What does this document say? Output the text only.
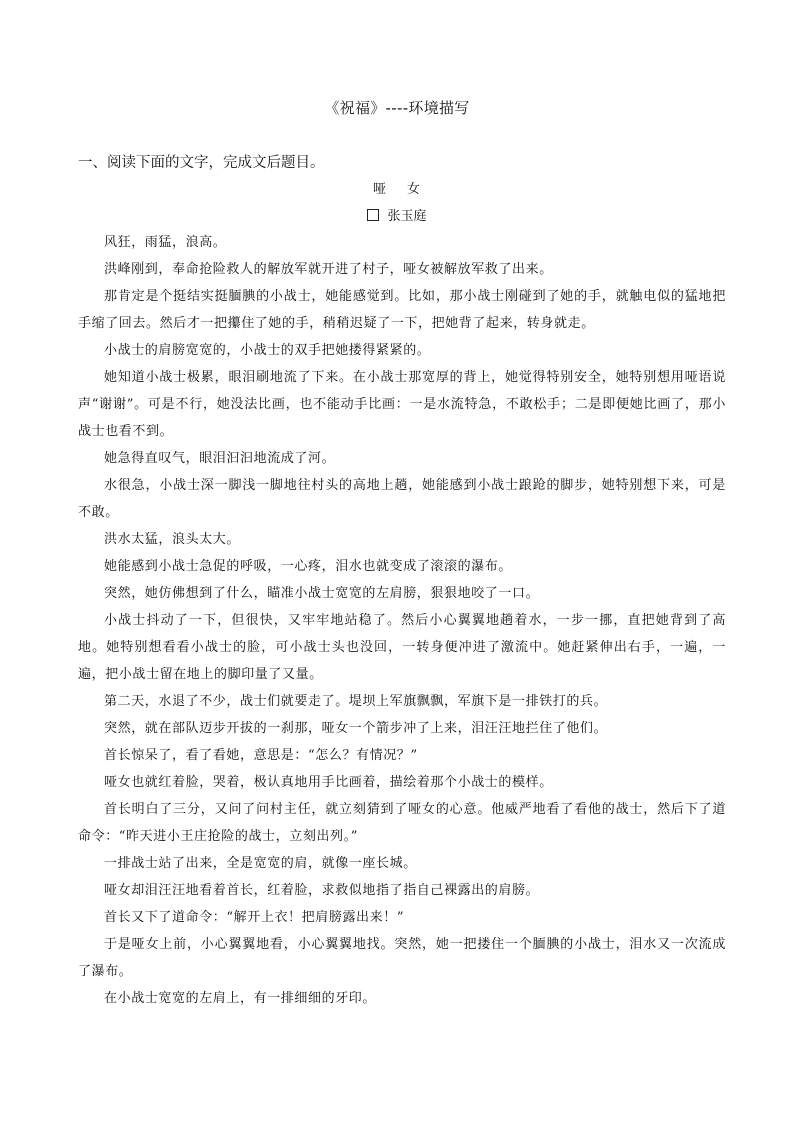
《祝福》----环境描写
一、阅读下面的文字，完成文后题目。
哑 女
张玉庭

风狂，雨猛，浪高。

洪峰刚到，奉命抢险救人的解放军就开进了村子，哑女被解放军救了出来。

那肯定是个挺结实挺腼腆的小战士，她能感觉到。比如，那小战士刚碰到了她的手，就触电似的猛地把手缩了回去。然后才一把攥住了她的手，稍稍迟疑了一下，把她背了起来，转身就走。

小战士的肩膀宽宽的，小战士的双手把她搂得紧紧的。

她知道小战士极累，眼泪刷地流了下来。在小战士那宽厚的背上，她觉得特别安全，她特别想用哑语说声“谢谢”。可是不行，她没法比画，也不能动手比画：一是水流特急，不敢松手；二是即便她比画了，那小战士也看不到。

她急得直叹气，眼泪汩汩地流成了河。

水很急，小战士深一脚浅一脚地往村头的高地上趟，她能感到小战士踉跄的脚步，她特别想下来，可是不敢。

洪水太猛，浪头太大。

她能感到小战士急促的呼吸，一心疼，泪水也就变成了滚滚的瀑布。

突然，她仿佛想到了什么，瞄准小战士宽宽的左肩膀，狠狠地咬了一口。

小战士抖动了一下，但很快，又牢牢地站稳了。然后小心翼翼地趟着水，一步一挪，直把她背到了高地。她特别想看看小战士的脸，可小战士头也没回，一转身便冲进了激流中。她赶紧伸出右手，一遍，一遍，把小战士留在地上的脚印量了又量。

第二天，水退了不少，战士们就要走了。堤坝上军旗飘飘，军旗下是一排铁打的兵。

突然，就在部队迈步开拔的一刹那，哑女一个箭步冲了上来，泪汪汪地拦住了他们。

首长惊呆了，看了看她，意思是：“怎么？有情况？”

哑女也就红着脸，哭着，极认真地用手比画着，描绘着那个小战士的模样。

首长明白了三分，又问了问村主任，就立刻猜到了哑女的心意。他威严地看了看他的战士，然后下了道命令：“昨天进小王庄抢险的战士，立刻出列。”

一排战士站了出来，全是宽宽的肩，就像一座长城。

哑女却泪汪汪地看着首长，红着脸，求救似地指了指自己裸露出的肩膀。

首长又下了道命令：“解开上衣！把肩膀露出来！”

于是哑女上前，小心翼翼地看，小心翼翼地找。突然，她一把搂住一个腼腆的小战士，泪水又一次流成了瀑布。

在小战士宽宽的左肩上，有一排细细的牙印。
